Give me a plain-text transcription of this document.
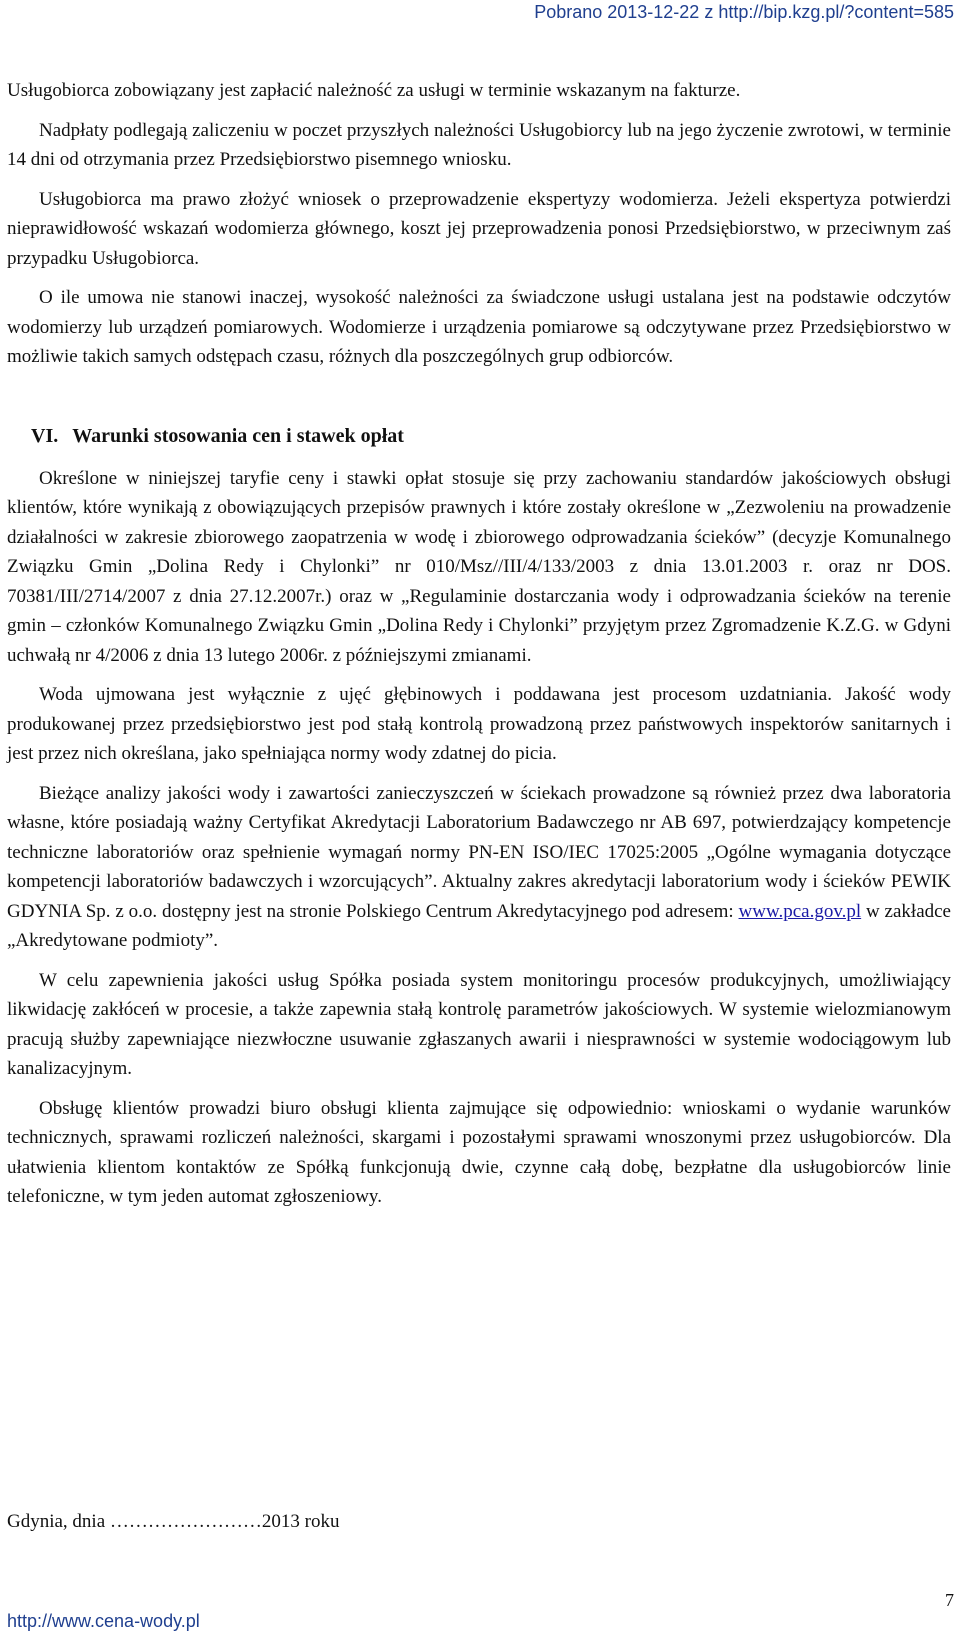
Pobrano 2013-12-22 z http://bip.kzg.pl/?content=585

Usługobiorca zobowiązany jest zapłacić należność za usługi w terminie wskazanym na fakturze.

Nadpłaty podlegają zaliczeniu w poczet przyszłych należności Usługobiorcy lub na jego życzenie zwrotowi, w terminie 14 dni od otrzymania przez Przedsiębiorstwo pisemnego wniosku.

Usługobiorca ma prawo złożyć wniosek o przeprowadzenie ekspertyzy wodomierza. Jeżeli ekspertyza potwierdzi nieprawidłowość wskazań wodomierza głównego, koszt jej przeprowadzenia ponosi Przedsiębiorstwo, w przeciwnym zaś przypadku Usługobiorca.

O ile umowa nie stanowi inaczej, wysokość należności za świadczone usługi ustalana jest na podstawie odczytów wodomierzy lub urządzeń pomiarowych. Wodomierze i urządzenia pomiarowe są odczytywane przez Przedsiębiorstwo w możliwie takich samych odstępach czasu, różnych dla poszczególnych grup odbiorców.

VI. Warunki stosowania cen i stawek opłat

Określone w niniejszej taryfie ceny i stawki opłat stosuje się przy zachowaniu standardów jakościowych obsługi klientów, które wynikają z obowiązujących przepisów prawnych i które zostały określone w „Zezwoleniu na prowadzenie działalności w zakresie zbiorowego zaopatrzenia w wodę i zbiorowego odprowadzania ścieków” (decyzje Komunalnego Związku Gmin „Dolina Redy i Chylonki” nr 010/Msz//III/4/133/2003 z dnia 13.01.2003 r. oraz nr DOS. 70381/III/2714/2007 z dnia 27.12.2007r.) oraz w „Regulaminie dostarczania wody i odprowadzania ścieków na terenie gmin – członków Komunalnego Związku Gmin „Dolina Redy i Chylonki” przyjętym przez Zgromadzenie K.Z.G. w Gdyni uchwałą nr 4/2006 z dnia 13 lutego 2006r. z późniejszymi zmianami.

Woda ujmowana jest wyłącznie z ujęć głębinowych i poddawana jest procesom uzdatniania. Jakość wody produkowanej przez przedsiębiorstwo jest pod stałą kontrolą prowadzoną przez państwowych inspektorów sanitarnych i jest przez nich określana, jako spełniająca normy wody zdatnej do picia.

Bieżące analizy jakości wody i zawartości zanieczyszczeń w ściekach prowadzone są również przez dwa laboratoria własne, które posiadają ważny Certyfikat Akredytacji Laboratorium Badawczego nr AB 697, potwierdzający kompetencje techniczne laboratoriów oraz spełnienie wymagań normy PN-EN ISO/IEC 17025:2005 „Ogólne wymagania dotyczące kompetencji laboratoriów badawczych i wzorcujących”. Aktualny zakres akredytacji laboratorium wody i ścieków PEWIK GDYNIA Sp. z o.o. dostępny jest na stronie Polskiego Centrum Akredytacyjnego pod adresem: www.pca.gov.pl w zakładce „Akredytowane podmioty”.

W celu zapewnienia jakości usług Spółka posiada system monitoringu procesów produkcyjnych, umożliwiający likwidację zakłóceń w procesie, a także zapewnia stałą kontrolę parametrów jakościowych. W systemie wielozmianowym pracują służby zapewniające niezwłoczne usuwanie zgłaszanych awarii i niesprawności w systemie wodociągowym lub kanalizacyjnym.

Obsługę klientów prowadzi biuro obsługi klienta zajmujące się odpowiednio: wnioskami o wydanie warunków technicznych, sprawami rozliczeń należności, skargami i pozostałymi sprawami wnoszonymi przez usługobiorców. Dla ułatwienia klientom kontaktów ze Spółką funkcjonują dwie, czynne całą dobę, bezpłatne dla usługobiorców linie telefoniczne, w tym jeden automat zgłoszeniowy.

Gdynia, dnia ……………………2013 roku
7
http://www.cena-wody.pl
